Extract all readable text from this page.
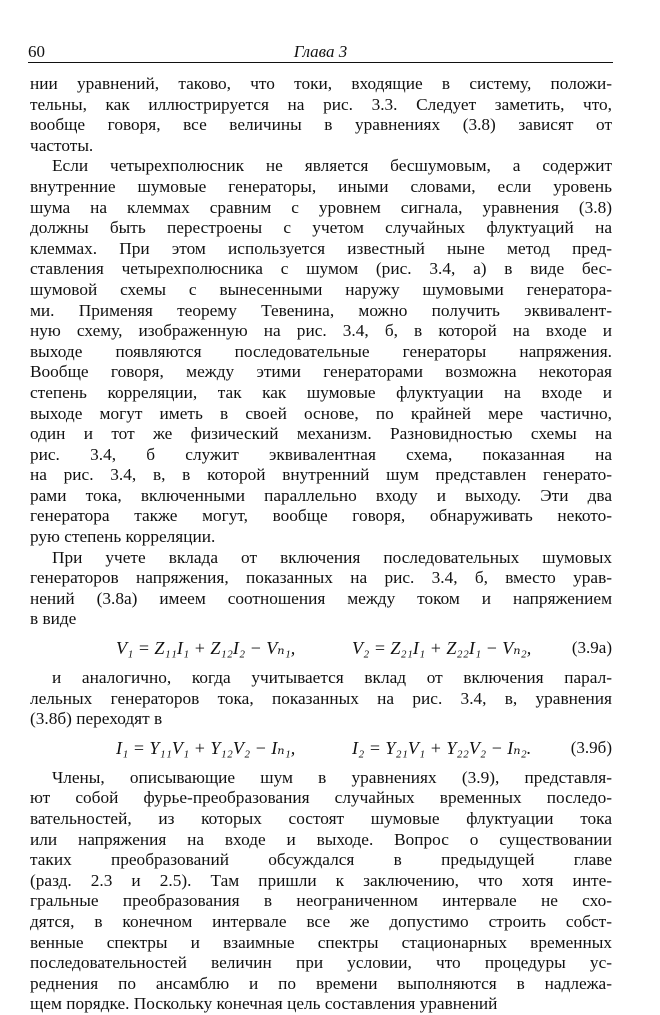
60	Глава 3

нии уравнений, таково, что токи, входящие в систему, положи-

тельны, как иллюстрируется на рис. 3.3. Следует заметить, что,

вообще говоря, все величины в уравнениях (3.8) зависят от

частоты.

Если четырехполюсник не является бесшумовым, а содержит

внутренние шумовые генераторы, иными словами, если уровень

шума на клеммах сравним с уровнем сигнала, уравнения (3.8)

должны быть перестроены с учетом случайных флуктуаций на

клеммах. При этом используется известный ныне метод пред-

ставления четырехполюсника с шумом (рис. 3.4, а) в виде бес-

шумовой схемы с вынесенными наружу шумовыми генератора-

ми. Применяя теорему Тевенина, можно получить эквивалент-

ную схему, изображенную на рис. 3.4, б, в которой на входе и

выходе появляются последовательные генераторы напряжения.

Вообще говоря, между этими генераторами возможна некоторая

степень корреляции, так как шумовые флуктуации на входе и

выходе могут иметь в своей основе, по крайней мере частично,

один и тот же физический механизм. Разновидностью схемы на

рис. 3.4, б служит эквивалентная схема, показанная на

на рис. 3.4, в, в которой внутренний шум представлен генерато-

рами тока, включенными параллельно входу и выходу. Эти два

генератора также могут, вообще говоря, обнаруживать некото-

рую степень корреляции.

При учете вклада от включения последовательных шумовых

генераторов напряжения, показанных на рис. 3.4, б, вместо урав-

нений (3.8а) имеем соотношения между током и напряжением

в виде

V₁ = Z₁₁I₁ + Z₁₂I₂ − Vₙ₁,	V₂ = Z₂₁I₁ + Z₂₂I₁ − Vₙ₂, (3.9а)

и аналогично, когда учитывается вклад от включения парал-

лельных генераторов тока, показанных на рис. 3.4, в, уравнения

(3.8б) переходят в

I₁ = Y₁₁V₁ + Y₁₂V₂ − Iₙ₁,	I₂ = Y₂₁V₁ + Y₂₂V₂ − Iₙ₂. (3.9б)

Члены, описывающие шум в уравнениях (3.9), представля-

ют собой фурье-преобразования случайных временных последо-

вательностей, из которых состоят шумовые флуктуации тока

или напряжения на входе и выходе. Вопрос о существовании

таких преобразований обсуждался в предыдущей главе

(разд. 2.3 и 2.5). Там пришли к заключению, что хотя инте-

гральные преобразования в неограниченном интервале не схо-

дятся, в конечном интервале все же допустимо строить собст-

венные спектры и взаимные спектры стационарных временных

последовательностей величин при условии, что процедуры ус-

реднения по ансамблю и по времени выполняются в надлежа-

щем порядке. Поскольку конечная цель составления уравнений
